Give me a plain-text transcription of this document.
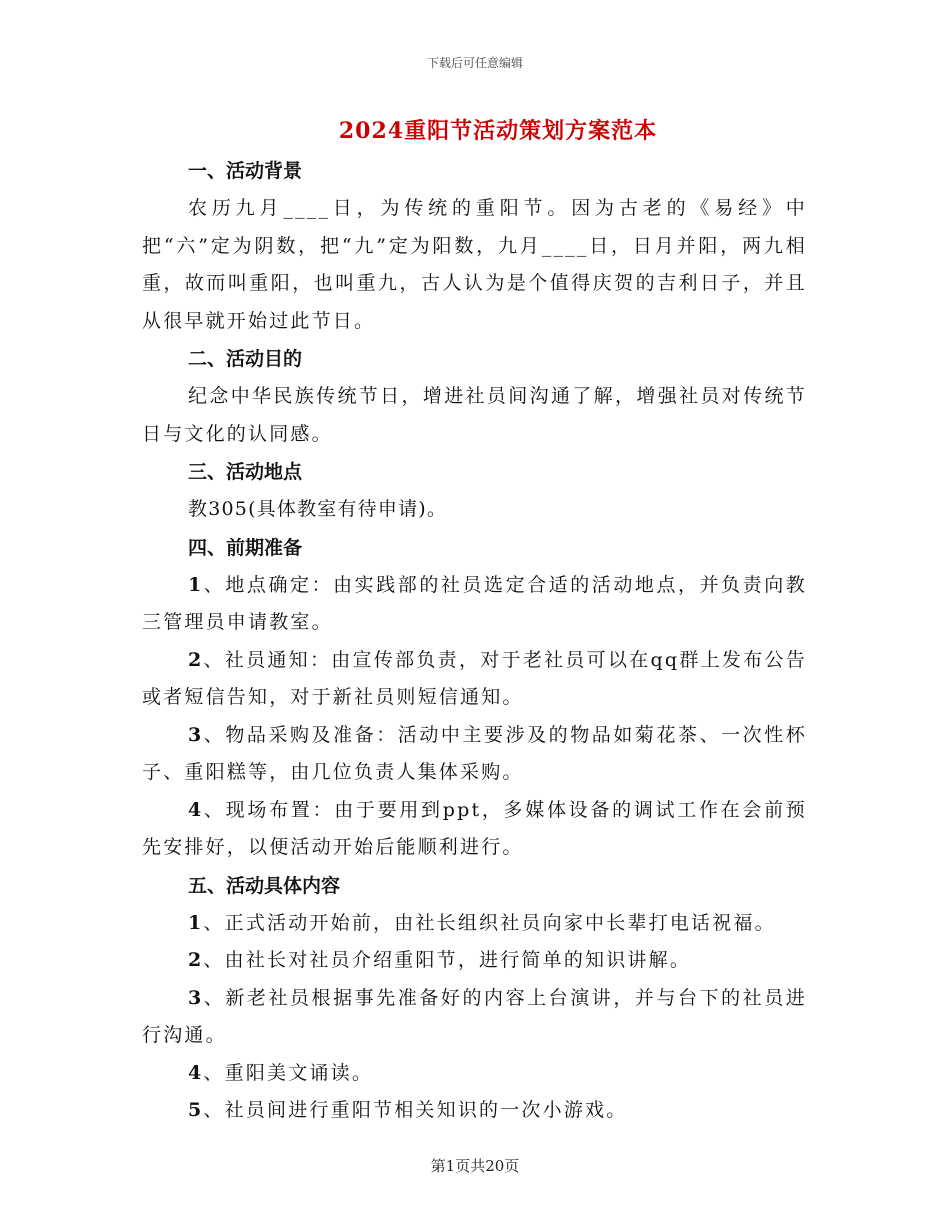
下载后可任意编辑
2024重阳节活动策划方案范本

一、活动背景

农历九月____日，为传统的重阳节。因为古老的《易经》中把“六”定为阴数，把“九”定为阳数，九月____日，日月并阳，两九相重，故而叫重阳，也叫重九，古人认为是个值得庆贺的吉利日子，并且从很早就开始过此节日。

二、活动目的

纪念中华民族传统节日，增进社员间沟通了解，增强社员对传统节日与文化的认同感。

三、活动地点

教305(具体教室有待申请)。

四、前期准备

1、地点确定：由实践部的社员选定合适的活动地点，并负责向教三管理员申请教室。

2、社员通知：由宣传部负责，对于老社员可以在qq群上发布公告或者短信告知，对于新社员则短信通知。

3、物品采购及准备：活动中主要涉及的物品如菊花茶、一次性杯子、重阳糕等，由几位负责人集体采购。

4、现场布置：由于要用到ppt，多媒体设备的调试工作在会前预先安排好，以便活动开始后能顺利进行。

五、活动具体内容

1、正式活动开始前，由社长组织社员向家中长辈打电话祝福。

2、由社长对社员介绍重阳节，进行简单的知识讲解。

3、新老社员根据事先准备好的内容上台演讲，并与台下的社员进行沟通。

4、重阳美文诵读。

5、社员间进行重阳节相关知识的一次小游戏。

第1页共20页
